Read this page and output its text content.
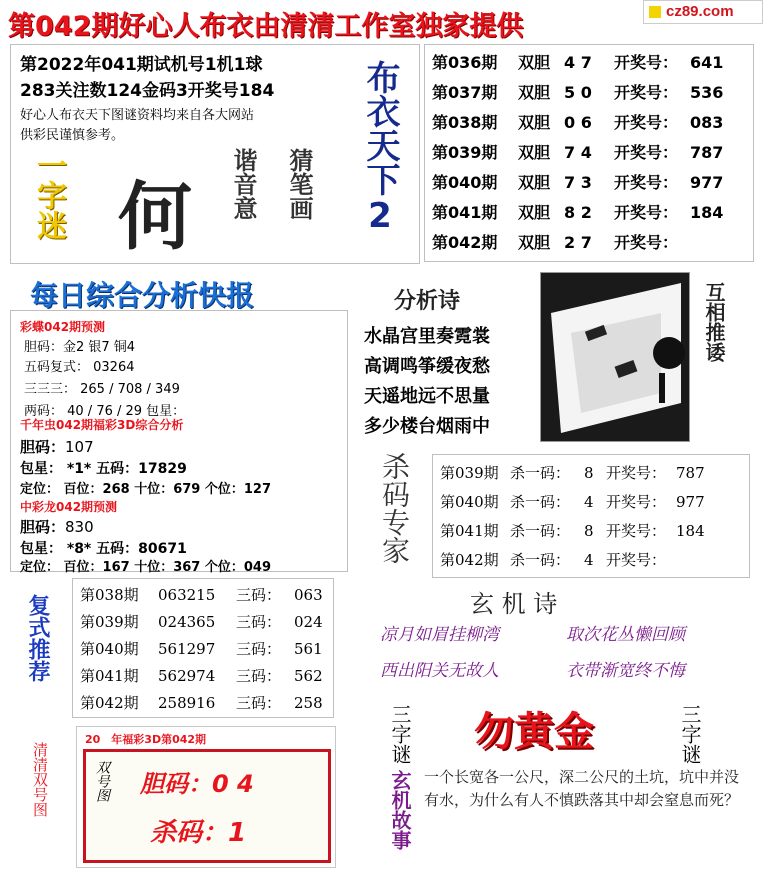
cz89.com
第042期好心人布衣由清清工作室独家提供
第2022年041期试机号1机1球
283关注数124金码3开奖号184
好心人布衣天下图谜资料均来自各大网站
供彩民谨慎参考。
一字迷 何	猜笔画
谐音意	布衣天下2	第036期 双胆 4 7 开奖号： 641
第037期 双胆 5 0 开奖号： 536
第038期 双胆 0 6 开奖号： 083
第039期 双胆 7 4 开奖号： 787
第040期 双胆 7 3 开奖号： 977
第041期 双胆 8 2 开奖号： 184
第042期 双胆 2 7 开奖号：
每日综合分析快报
彩蝶042期预测
胆码：金2 银7 铜4
五码复式： 03264
三三三： 265 / 708 / 349
两码： 40 / 76 / 29 包星：
千年虫042期福彩3D综合分析
胆码：107
包星： *1* 五码：17829
定位： 百位：268 十位：679 个位：127
中彩龙042期预测
胆码：830
包星： *8* 五码：80671
定位： 百位：167 十位：367 个位：049
分析诗
水晶宫里奏霓裳
高调鸣筝缓夜愁
天遥地远不思量
多少楼台烟雨中
互相推诿
杀码专家 第039期 杀一码： 8 开奖号： 787
第040期 杀一码： 4 开奖号： 977
第041期 杀一码： 8 开奖号： 184
第042期 杀一码： 4 开奖号：
复式推荐 第038期 063215 三码： 063
第039期 024365 三码： 024
第040期 561297 三码： 561
第041期 562974 三码： 562
第042期 258916 三码： 258
玄 机 诗
凉月如眉挂柳湾	取次花丛懒回顾
西出阳关无故人	衣带渐宽终不悔
清清双号图
20　年福彩3D第042期
双号图 胆码：0 4
杀码：1
三字谜 勿黄金	三字谜
玄机故事 一个长宽各一公尺，深二公尺的土坑，坑中并没有水，为什么有人不慎跌落其中却会窒息而死？
